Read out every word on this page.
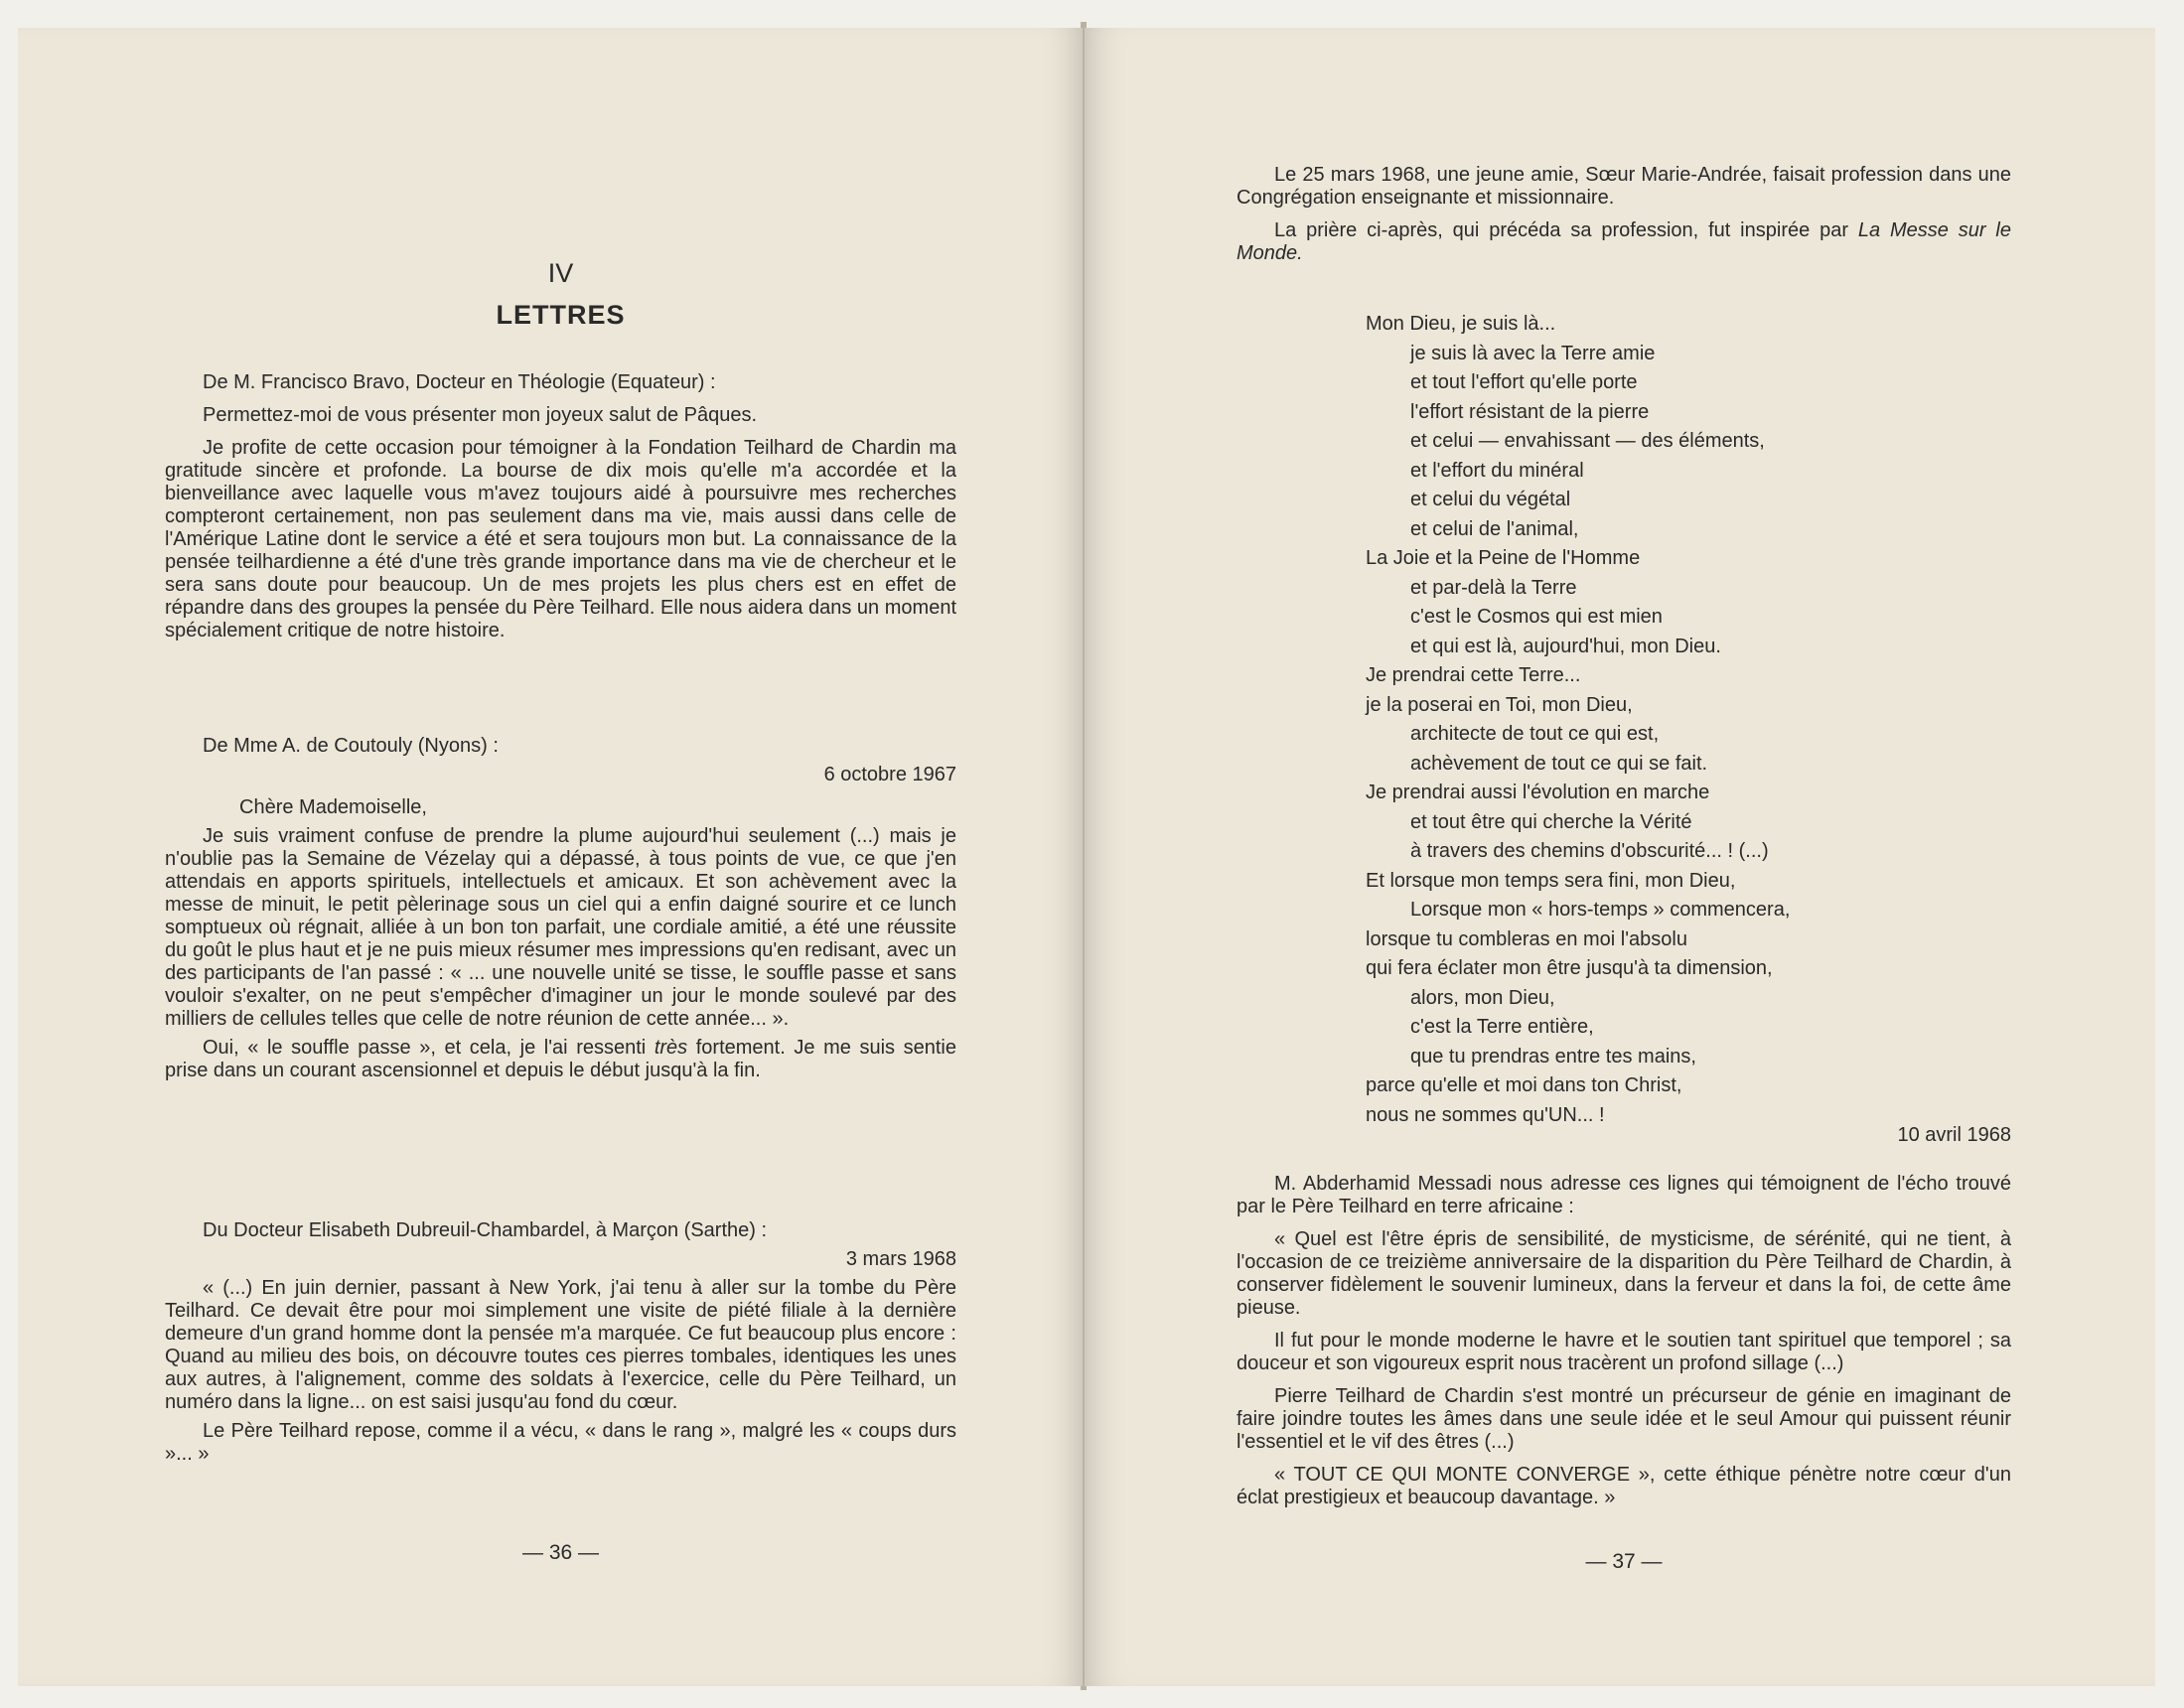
IV
LETTRES

De M. Francisco Bravo, Docteur en Théologie (Equateur) :

Permettez-moi de vous présenter mon joyeux salut de Pâques.

Je profite de cette occasion pour témoigner à la Fondation Teilhard de Chardin ma gratitude sincère et profonde. La bourse de dix mois qu'elle m'a accordée et la bienveillance avec laquelle vous m'avez toujours aidé à poursuivre mes recherches compteront certainement, non pas seulement dans ma vie, mais aussi dans celle de l'Amérique Latine dont le service a été et sera toujours mon but. La connaissance de la pensée teilhardienne a été d'une très grande importance dans ma vie de chercheur et le sera sans doute pour beaucoup. Un de mes projets les plus chers est en effet de répandre dans des groupes la pensée du Père Teilhard. Elle nous aidera dans un moment spécialement critique de notre histoire.

De Mme A. de Coutouly (Nyons) :

6 octobre 1967

Chère Mademoiselle,

Je suis vraiment confuse de prendre la plume aujourd'hui seulement (...) mais je n'oublie pas la Semaine de Vézelay qui a dépassé, à tous points de vue, ce que j'en attendais en apports spirituels, intellectuels et amicaux. Et son achèvement avec la messe de minuit, le petit pèlerinage sous un ciel qui a enfin daigné sourire et ce lunch somptueux où régnait, alliée à un bon ton parfait, une cordiale amitié, a été une réussite du goût le plus haut et je ne puis mieux résumer mes impressions qu'en redisant, avec un des participants de l'an passé : « ... une nouvelle unité se tisse, le souffle passe et sans vouloir s'exalter, on ne peut s'empêcher d'imaginer un jour le monde soulevé par des milliers de cellules telles que celle de notre réunion de cette année... ».

Oui, « le souffle passe », et cela, je l'ai ressenti très fortement. Je me suis sentie prise dans un courant ascensionnel et depuis le début jusqu'à la fin.

Du Docteur Elisabeth Dubreuil-Chambardel, à Marçon (Sarthe) :

3 mars 1968

« (...) En juin dernier, passant à New York, j'ai tenu à aller sur la tombe du Père Teilhard. Ce devait être pour moi simplement une visite de piété filiale à la dernière demeure d'un grand homme dont la pensée m'a marquée. Ce fut beaucoup plus encore : Quand au milieu des bois, on découvre toutes ces pierres tombales, identiques les unes aux autres, à l'alignement, comme des soldats à l'exercice, celle du Père Teilhard, un numéro dans la ligne... on est saisi jusqu'au fond du cœur.

Le Père Teilhard repose, comme il a vécu, « dans le rang », malgré les « coups durs »... »

— 36 —

Le 25 mars 1968, une jeune amie, Sœur Marie-Andrée, faisait profession dans une Congrégation enseignante et missionnaire.

La prière ci-après, qui précéda sa profession, fut inspirée par La Messe sur le Monde.

Mon Dieu, je suis là...
je suis là avec la Terre amie
et tout l'effort qu'elle porte
l'effort résistant de la pierre
et celui — envahissant — des éléments,
et l'effort du minéral
et celui du végétal
et celui de l'animal,
La Joie et la Peine de l'Homme
et par-delà la Terre
c'est le Cosmos qui est mien
et qui est là, aujourd'hui, mon Dieu.
Je prendrai cette Terre...
je la poserai en Toi, mon Dieu,
architecte de tout ce qui est,
achèvement de tout ce qui se fait.
Je prendrai aussi l'évolution en marche
et tout être qui cherche la Vérité
à travers des chemins d'obscurité... ! (...)
Et lorsque mon temps sera fini, mon Dieu,
Lorsque mon « hors-temps » commencera,
lorsque tu combleras en moi l'absolu
qui fera éclater mon être jusqu'à ta dimension,
alors, mon Dieu,
c'est la Terre entière,
que tu prendras entre tes mains,
parce qu'elle et moi dans ton Christ,
nous ne sommes qu'UN... !

10 avril 1968

M. Abderhamid Messadi nous adresse ces lignes qui témoignent de l'écho trouvé par le Père Teilhard en terre africaine :

« Quel est l'être épris de sensibilité, de mysticisme, de sérénité, qui ne tient, à l'occasion de ce treizième anniversaire de la disparition du Père Teilhard de Chardin, à conserver fidèlement le souvenir lumineux, dans la ferveur et dans la foi, de cette âme pieuse.

Il fut pour le monde moderne le havre et le soutien tant spirituel que temporel ; sa douceur et son vigoureux esprit nous tracèrent un profond sillage (...)

Pierre Teilhard de Chardin s'est montré un précurseur de génie en imaginant de faire joindre toutes les âmes dans une seule idée et le seul Amour qui puissent réunir l'essentiel et le vif des êtres (...)

« TOUT CE QUI MONTE CONVERGE », cette éthique pénètre notre cœur d'un éclat prestigieux et beaucoup davantage. »

— 37 —
